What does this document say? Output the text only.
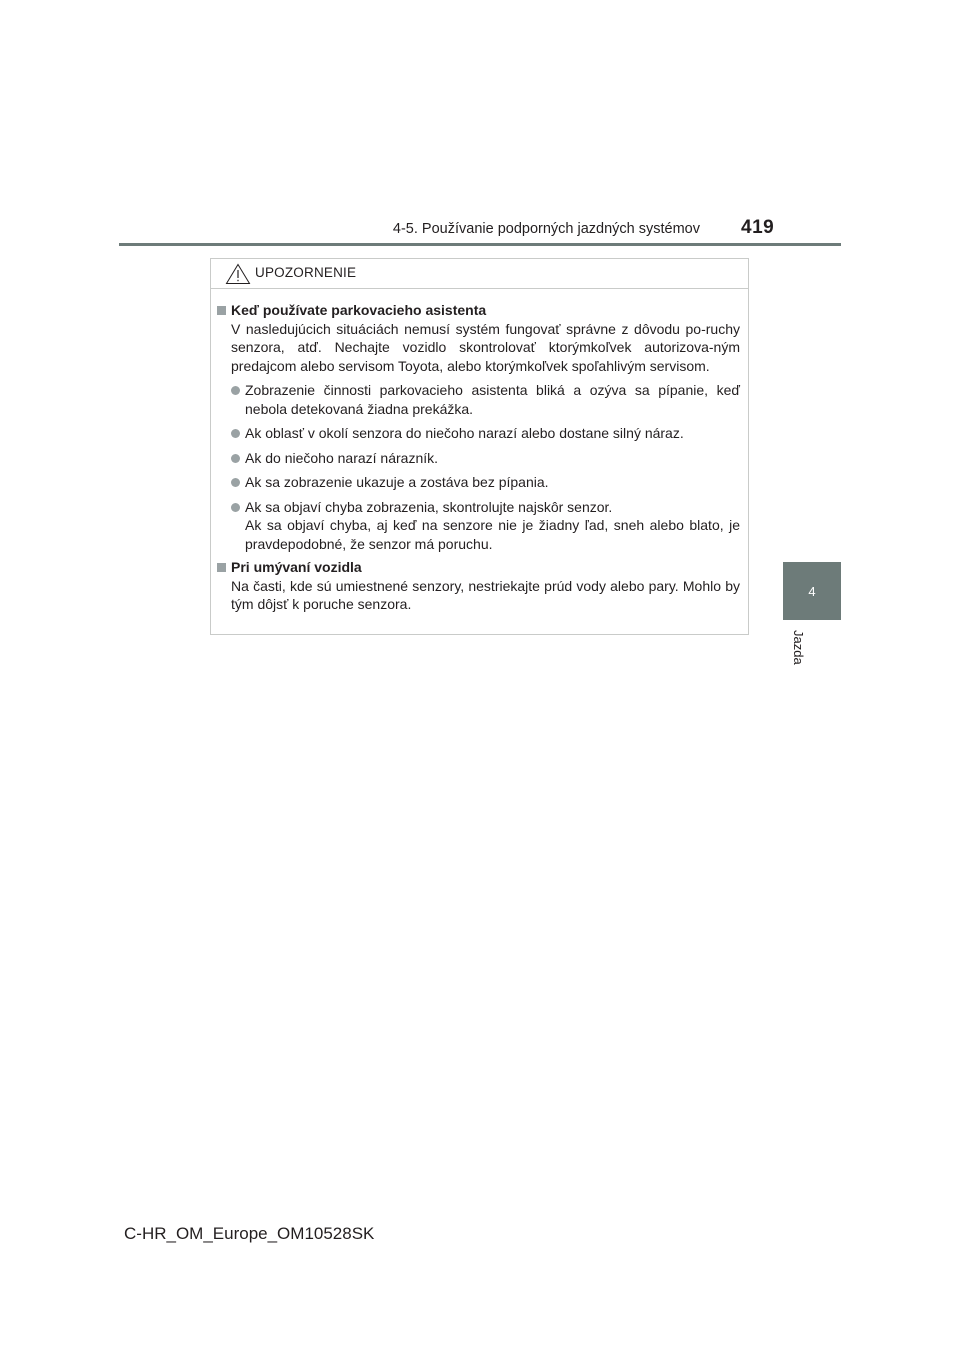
4-5. Používanie podporných jazdných systémov 419
4
Jazda
UPOZORNENIE
Keď používate parkovacieho asistenta
V nasledujúcich situáciách nemusí systém fungovať správne z dôvodu po-ruchy senzora, atď. Nechajte vozidlo skontrolovať ktorýmkoľvek autorizova-ným predajcom alebo servisom Toyota, alebo ktorýmkoľvek spoľahlivým servisom.
Zobrazenie činnosti parkovacieho asistenta bliká a ozýva sa pípanie, keď nebola detekovaná žiadna prekážka.
Ak oblasť v okolí senzora do niečoho narazí alebo dostane silný náraz.
Ak do niečoho narazí nárazník.
Ak sa zobrazenie ukazuje a zostáva bez pípania.
Ak sa objaví chyba zobrazenia, skontrolujte najskôr senzor.
Ak sa objaví chyba, aj keď na senzore nie je žiadny ľad, sneh alebo blato, je pravdepodobné, že senzor má poruchu.
Pri umývaní vozidla
Na časti, kde sú umiestnené senzory, nestriekajte prúd vody alebo pary. Mohlo by tým dôjsť k poruche senzora.
C-HR_OM_Europe_OM10528SK
